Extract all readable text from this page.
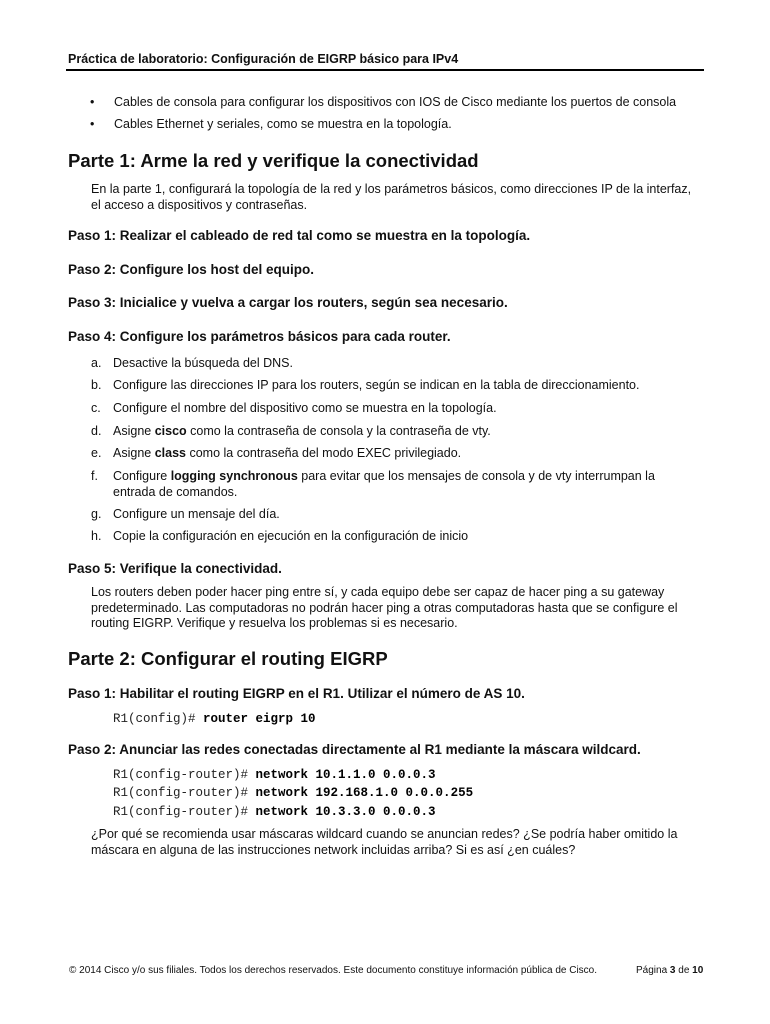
Práctica de laboratorio: Configuración de EIGRP básico para IPv4
• Cables de consola para configurar los dispositivos con IOS de Cisco mediante los puertos de consola
• Cables Ethernet y seriales, como se muestra en la topología.
Parte 1: Arme la red y verifique la conectividad
En la parte 1, configurará la topología de la red y los parámetros básicos, como direcciones IP de la interfaz, el acceso a dispositivos y contraseñas.
Paso 1: Realizar el cableado de red tal como se muestra en la topología.
Paso 2: Configure los host del equipo.
Paso 3: Inicialice y vuelva a cargar los routers, según sea necesario.
Paso 4: Configure los parámetros básicos para cada router.
a. Desactive la búsqueda del DNS.
b. Configure las direcciones IP para los routers, según se indican en la tabla de direccionamiento.
c. Configure el nombre del dispositivo como se muestra en la topología.
d. Asigne cisco como la contraseña de consola y la contraseña de vty.
e. Asigne class como la contraseña del modo EXEC privilegiado.
f. Configure logging synchronous para evitar que los mensajes de consola y de vty interrumpan la entrada de comandos.
g. Configure un mensaje del día.
h. Copie la configuración en ejecución en la configuración de inicio
Paso 5: Verifique la conectividad.
Los routers deben poder hacer ping entre sí, y cada equipo debe ser capaz de hacer ping a su gateway predeterminado. Las computadoras no podrán hacer ping a otras computadoras hasta que se configure el routing EIGRP. Verifique y resuelva los problemas si es necesario.
Parte 2: Configurar el routing EIGRP
Paso 1: Habilitar el routing EIGRP en el R1. Utilizar el número de AS 10.
R1(config)# router eigrp 10
Paso 2: Anunciar las redes conectadas directamente al R1 mediante la máscara wildcard.
R1(config-router)# network 10.1.1.0 0.0.0.3
R1(config-router)# network 192.168.1.0 0.0.0.255
R1(config-router)# network 10.3.3.0 0.0.0.3
¿Por qué se recomienda usar máscaras wildcard cuando se anuncian redes? ¿Se podría haber omitido la máscara en alguna de las instrucciones network incluidas arriba? Si es así ¿en cuáles?
© 2014 Cisco y/o sus filiales. Todos los derechos reservados. Este documento constituye información pública de Cisco.	Página 3 de 10
